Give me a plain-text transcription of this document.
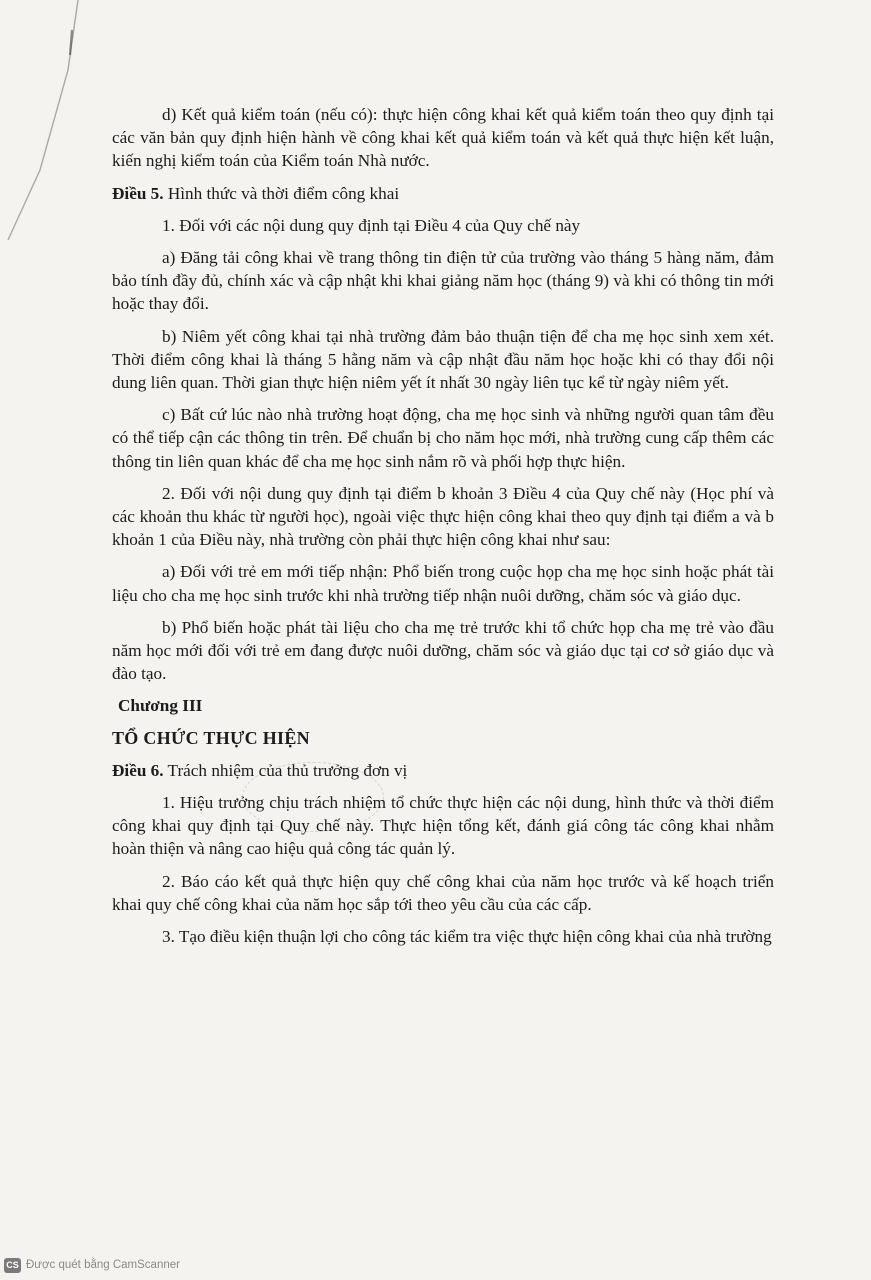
d) Kết quả kiểm toán (nếu có): thực hiện công khai kết quả kiểm toán theo quy định tại các văn bản quy định hiện hành về công khai kết quả kiểm toán và kết quả thực hiện kết luận, kiến nghị kiểm toán của Kiểm toán Nhà nước.

Điều 5. Hình thức và thời điểm công khai

1. Đối với các nội dung quy định tại Điều 4 của Quy chế này

a) Đăng tải công khai về trang thông tin điện tử của trường vào tháng 5 hàng năm, đảm bảo tính đầy đủ, chính xác và cập nhật khi khai giảng năm học (tháng 9) và khi có thông tin mới hoặc thay đổi.

b) Niêm yết công khai tại nhà trường đảm bảo thuận tiện để cha mẹ học sinh xem xét. Thời điểm công khai là tháng 5 hằng năm và cập nhật đầu năm học hoặc khi có thay đổi nội dung liên quan. Thời gian thực hiện niêm yết ít nhất 30 ngày liên tục kể từ ngày niêm yết.

c) Bất cứ lúc nào nhà trường hoạt động, cha mẹ học sinh và những người quan tâm đều có thể tiếp cận các thông tin trên. Để chuẩn bị cho năm học mới, nhà trường cung cấp thêm các thông tin liên quan khác để cha mẹ học sinh nắm rõ và phối hợp thực hiện.

2. Đối với nội dung quy định tại điểm b khoản 3 Điều 4 của Quy chế này (Học phí và các khoản thu khác từ người học), ngoài việc thực hiện công khai theo quy định tại điểm a và b khoản 1 của Điều này, nhà trường còn phải thực hiện công khai như sau:

a) Đối với trẻ em mới tiếp nhận: Phổ biến trong cuộc họp cha mẹ học sinh hoặc phát tài liệu cho cha mẹ học sinh trước khi nhà trường tiếp nhận nuôi dưỡng, chăm sóc và giáo dục.

b) Phổ biến hoặc phát tài liệu cho cha mẹ trẻ trước khi tổ chức họp cha mẹ trẻ vào đầu năm học mới đối với trẻ em đang được nuôi dưỡng, chăm sóc và giáo dục tại cơ sở giáo dục và đào tạo.

Chương III

TỔ CHỨC THỰC HIỆN

Điều 6. Trách nhiệm của thủ trưởng đơn vị

1. Hiệu trưởng chịu trách nhiệm tổ chức thực hiện các nội dung, hình thức và thời điểm công khai quy định tại Quy chế này. Thực hiện tổng kết, đánh giá công tác công khai nhằm hoàn thiện và nâng cao hiệu quả công tác quản lý.

2. Báo cáo kết quả thực hiện quy chế công khai của năm học trước và kế hoạch triển khai quy chế công khai của năm học sắp tới theo yêu cầu của các cấp.

3. Tạo điều kiện thuận lợi cho công tác kiểm tra việc thực hiện công khai của nhà trường

CS Được quét bằng CamScanner
